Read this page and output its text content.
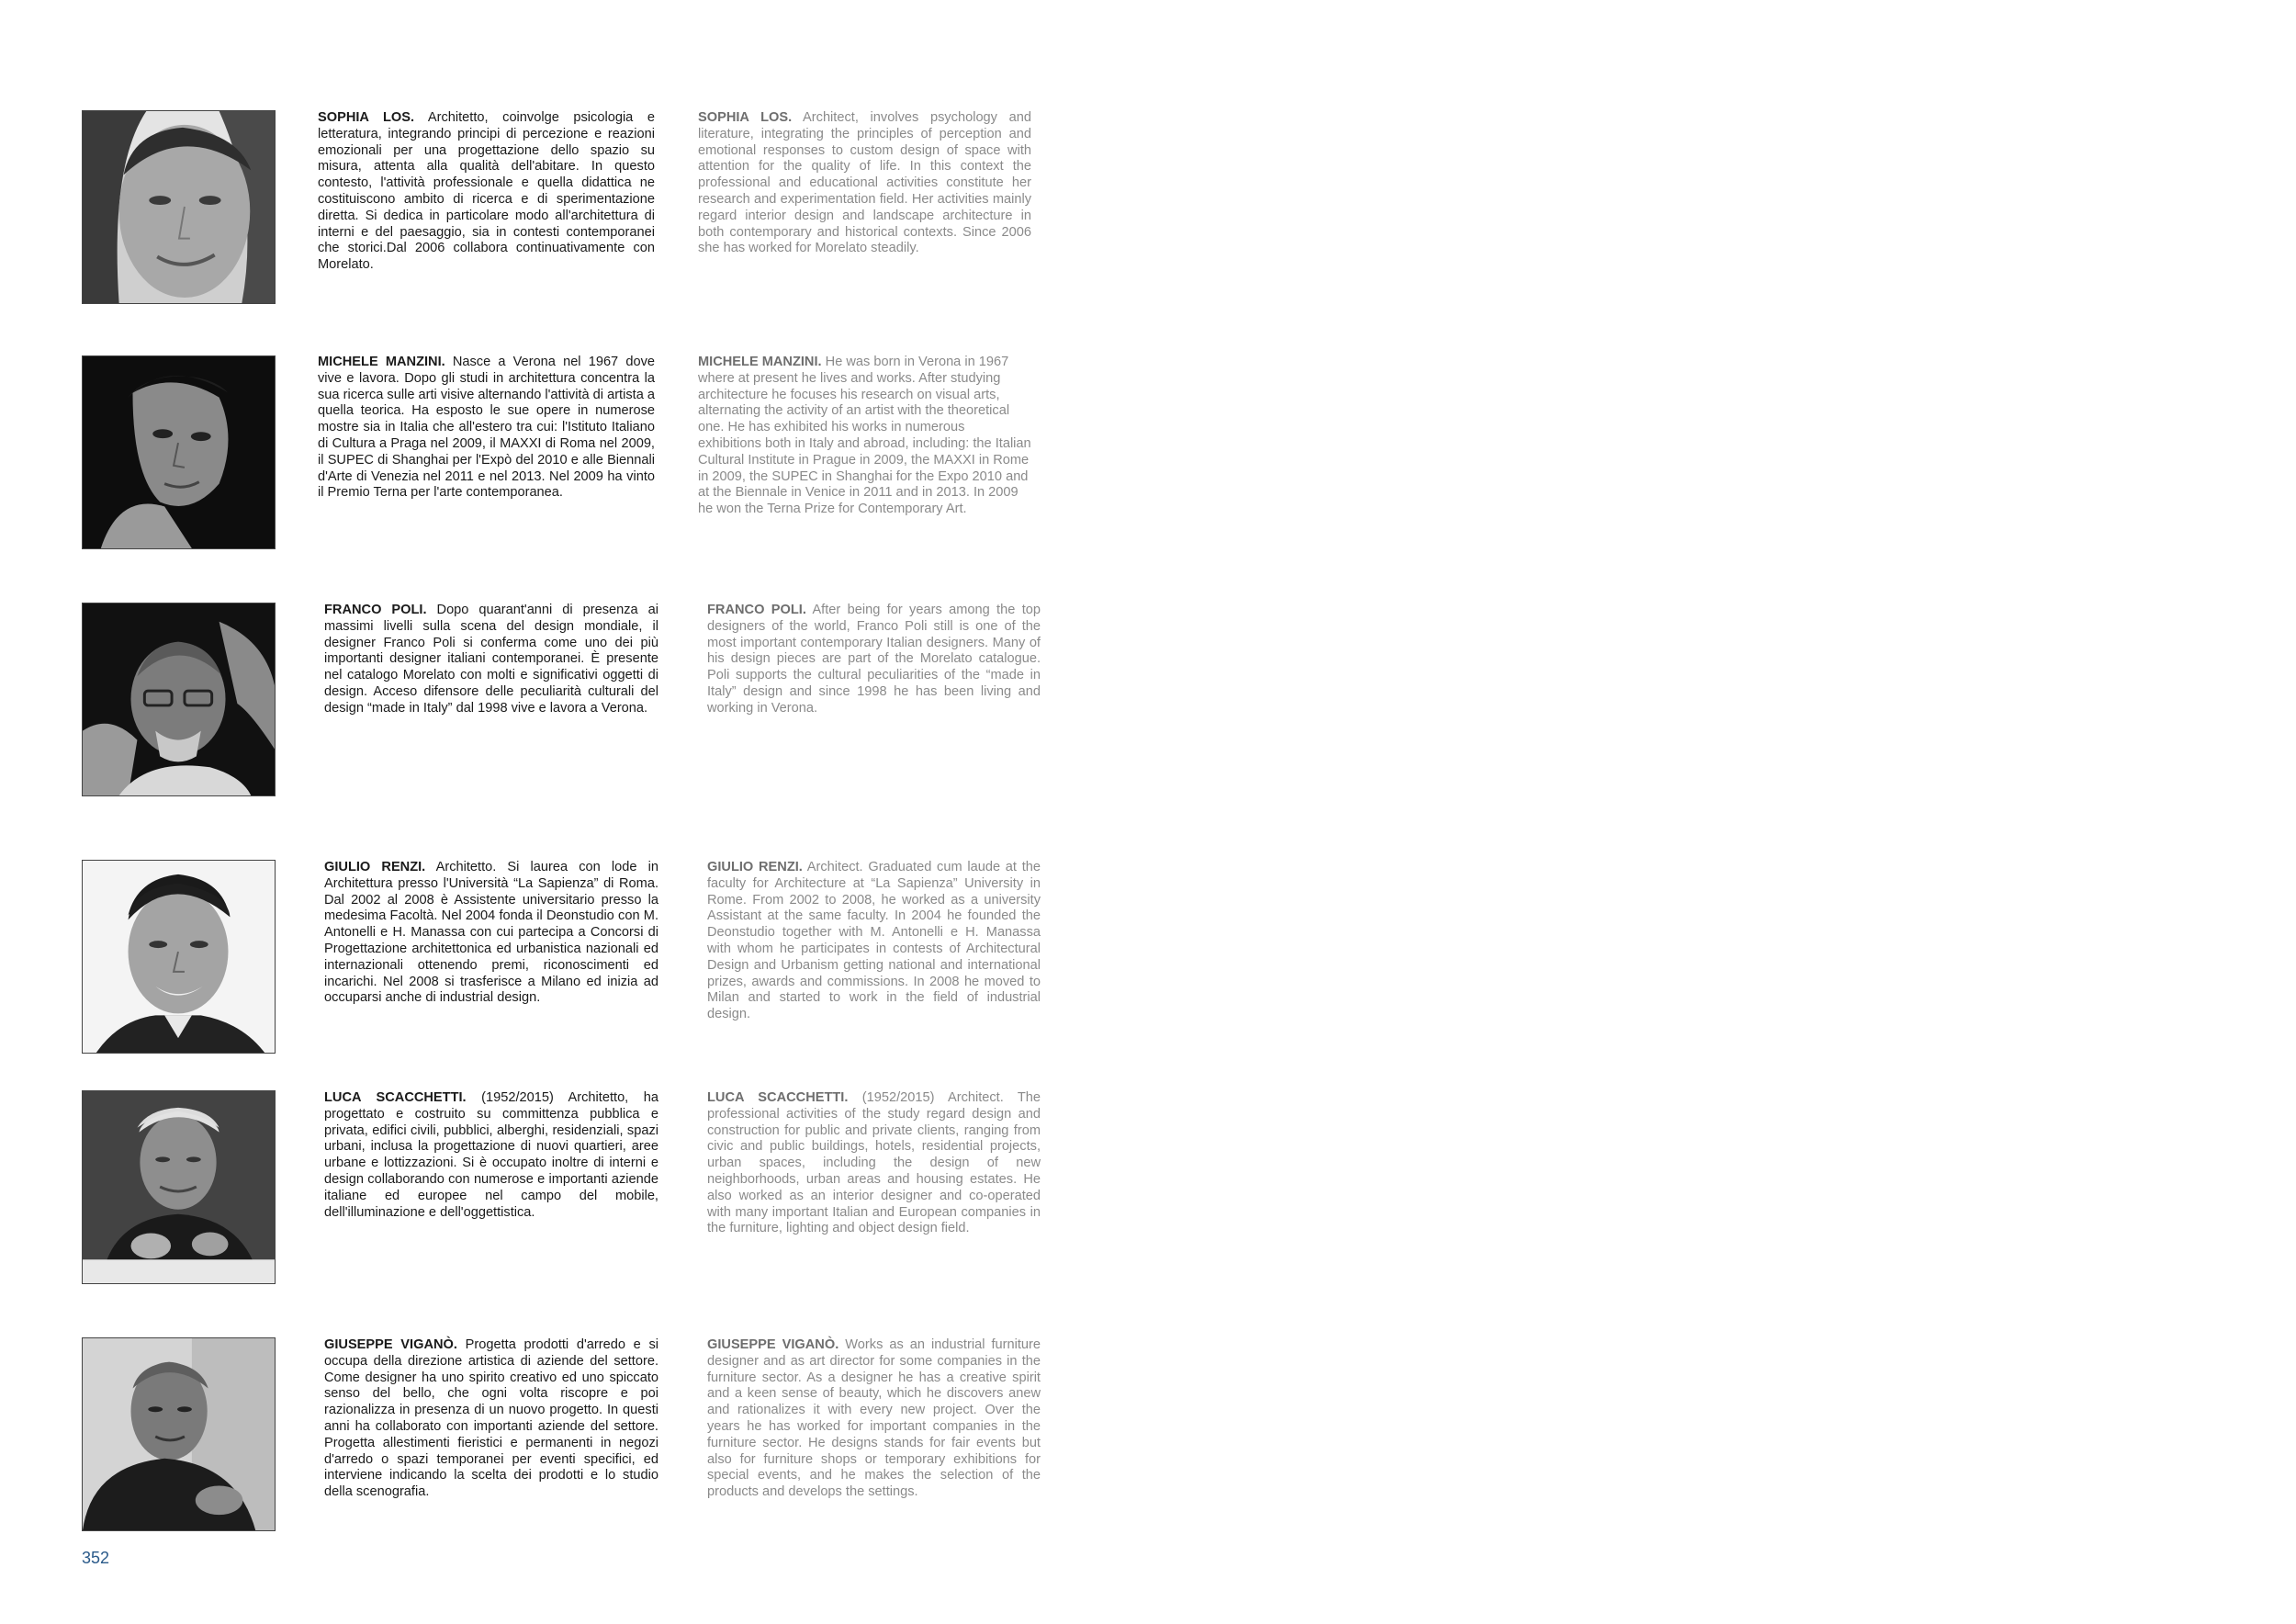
SOPHIA LOS. Architetto, coinvolge psicologia e letteratura, integrando principi di percezione e reazioni emozionali per una progettazione dello spazio su misura, attenta alla qualità dell'abitare. In questo contesto, l'attività professionale e quella didattica ne costituiscono ambito di ricerca e di sperimentazione diretta. Si dedica in particolare modo all'architettura di interni e del paesaggio, sia in contesti contemporanei che storici.Dal 2006 collabora continuativamente con Morelato.

SOPHIA LOS. Architect, involves psychology and literature, integrating the principles of perception and emotional responses to custom design of space with attention for the quality of life. In this context the professional and educational activities constitute her research and experimentation field. Her activities mainly regard interior design and landscape architecture in both contemporary and historical contexts. Since 2006 she has worked for Morelato steadily.

MICHELE MANZINI. Nasce a Verona nel 1967 dove vive e lavora. Dopo gli studi in architettura concentra la sua ricerca sulle arti visive alternando l'attività di artista a quella teorica. Ha esposto le sue opere in numerose mostre sia in Italia che all'estero tra cui: l'Istituto Italiano di Cultura a Praga nel 2009, il MAXXI di Roma nel 2009, il SUPEC di Shanghai per l'Expò del 2010 e alle Biennali d'Arte di Venezia nel 2011 e nel 2013. Nel 2009 ha vinto il Premio Terna per l'arte contemporanea.

MICHELE MANZINI. He was born in Verona in 1967 where at present he lives and works. After studying architecture he focuses his research on visual arts, alternating the activity of an artist with the theoretical one. He has exhibited his works in numerous exhibitions both in Italy and abroad, including: the Italian Cultural Institute in Prague in 2009, the MAXXI in Rome in 2009, the SUPEC in Shanghai for the Expo 2010 and at the Biennale in Venice in 2011 and in 2013. In 2009 he won the Terna Prize for Contemporary Art.

FRANCO POLI. Dopo quarant'anni di presenza ai massimi livelli sulla scena del design mondiale, il designer Franco Poli si conferma come uno dei più importanti designer italiani contemporanei. È presente nel catalogo Morelato con molti e significativi oggetti di design. Acceso difensore delle peculiarità culturali del design “made in Italy” dal 1998 vive e lavora a Verona.

FRANCO POLI. After being for years among the top designers of the world, Franco Poli still is one of the most important contemporary Italian designers. Many of his design pieces are part of the Morelato catalogue. Poli supports the cultural peculiarities of the “made in Italy” design and since 1998 he has been living and working in Verona.

GIULIO RENZI. Architetto. Si laurea con lode in Architettura presso l'Università “La Sapienza” di Roma. Dal 2002 al 2008 è Assistente universitario presso la medesima Facoltà. Nel 2004 fonda il Deonstudio con M. Antonelli e H. Manassa con cui partecipa a Concorsi di Progettazione architettonica ed urbanistica nazionali ed internazionali ottenendo premi, riconoscimenti ed incarichi. Nel 2008 si trasferisce a Milano ed inizia ad occuparsi anche di industrial design.

GIULIO RENZI. Architect. Graduated cum laude at the faculty for Architecture at “La Sapienza” University in Rome. From 2002 to 2008, he worked as a university Assistant at the same faculty. In 2004 he founded the Deonstudio together with M. Antonelli e H. Manassa with whom he participates in contests of Architectural Design and Urbanism getting national and international prizes, awards and commissions. In 2008 he moved to Milan and started to work in the field of industrial design.

LUCA SCACCHETTI. (1952/2015) Architetto, ha progettato e costruito su committenza pubblica e privata, edifici civili, pubblici, alberghi, residenziali, spazi urbani, inclusa la progettazione di nuovi quartieri, aree urbane e lottizzazioni. Si è occupato inoltre di interni e design collaborando con numerose e importanti aziende italiane ed europee nel campo del mobile, dell'illuminazione e dell'oggettistica.

LUCA SCACCHETTI. (1952/2015) Architect. The professional activities of the study regard design and construction for public and private clients, ranging from civic and public buildings, hotels, residential projects, urban spaces, including the design of new neighborhoods, urban areas and housing estates. He also worked as an interior designer and co-operated with many important Italian and European companies in the furniture, lighting and object design field.

GIUSEPPE VIGANÒ. Progetta prodotti d'arredo e si occupa della direzione artistica di aziende del settore. Come designer ha uno spirito creativo ed uno spiccato senso del bello, che ogni volta riscopre e poi razionalizza in presenza di un nuovo progetto. In questi anni ha collaborato con importanti aziende del settore. Progetta allestimenti fieristici e permanenti in negozi d'arredo o spazi temporanei per eventi specifici, ed interviene indicando la scelta dei prodotti e lo studio della scenografia.

GIUSEPPE VIGANÒ. Works as an industrial furniture designer and as art director for some companies in the furniture sector. As a designer he has a creative spirit and a keen sense of beauty, which he discovers anew and rationalizes it with every new project. Over the years he has worked for important companies in the furniture sector. He designs stands for fair events but also for furniture shops or temporary exhibitions for special events, and he makes the selection of the products and develops the settings.

352
